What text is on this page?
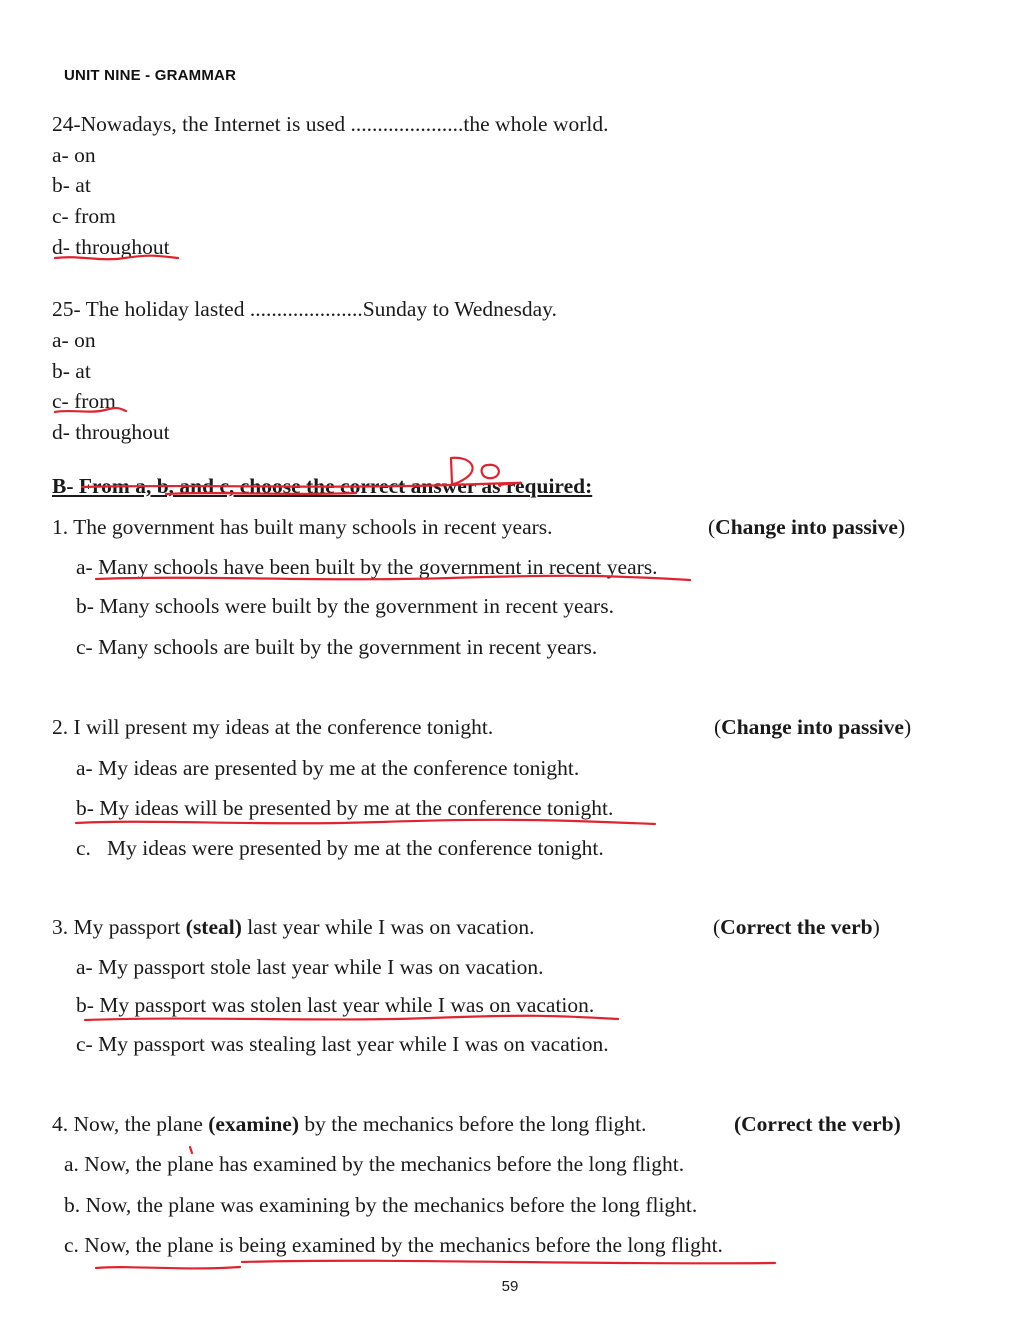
UNIT NINE - GRAMMAR
24-Nowadays, the Internet is used .....................the whole world.
a- on
b- at
c- from
d- throughout
25- The holiday lasted .....................Sunday to Wednesday.
a- on
b- at
c- from
d- throughout
B- From a, b, and c, choose the correct answer as required:
1. The government has built many schools in recent years.	(Change into passive)
a- Many schools have been built by the government in recent years.
b- Many schools were built by the government in recent years.
c- Many schools are built by the government in recent years.
2. I will present my ideas at the conference tonight.	(Change into passive)
a- My ideas are presented by me at the conference tonight.
b- My ideas will be presented by me at the conference tonight.
c.   My ideas were presented by me at the conference tonight.
3. My passport (steal) last year while I was on vacation.	(Correct the verb)
a- My passport stole last year while I was on vacation.
b- My passport was stolen last year while I was on vacation.
c- My passport was stealing last year while I was on vacation.
4. Now, the plane (examine) by the mechanics before the long flight.	(Correct the verb)
a. Now, the plane has examined by the mechanics before the long flight.
b. Now, the plane was examining by the mechanics before the long flight.
c. Now, the plane is being examined by the mechanics before the long flight.
59
